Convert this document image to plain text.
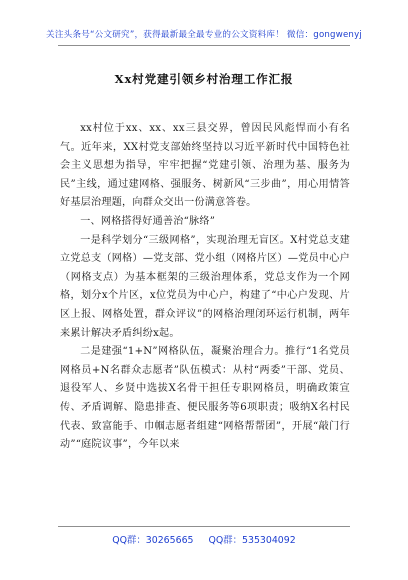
关注头条号“公文研究”，获得最新最全最专业的公文资料库！ 微信：gongwenyj
Xx村党建引领乡村治理工作汇报

xx村位于xx、xx、xx三县交界，曾因民风彪悍而小有名气。近年来，XX村党支部始终坚持以习近平新时代中国特色社会主义思想为指导，牢牢把握“党建引领、治理为基、服务为民”主线，通过建网格、强服务、树新风“三步曲”，用心用情答好基层治理题，向群众交出一份满意答卷。

一、网格搭得好通善治“脉络”

一是科学划分“三级网格”，实现治理无盲区。X村党总支建立党总支（网格）—党支部、党小组（网格片区）—党员中心户（网格支点）为基本框架的三级治理体系，党总支作为一个网格，划分x个片区，x位党员为中心户，构建了“中心户发现、片区上报、网格处置，群众评议”的网格治理闭环运行机制，两年来累计解决矛盾纠纷x起。

二是建强“1+N”网格队伍，凝聚治理合力。推行“1名党员网格员+N名群众志愿者”队伍模式：从村“两委”干部、党员、退役军人、乡贤中选拔X名骨干担任专职网格员，明确政策宣传、矛盾调解、隐患排查、便民服务等6项职责；吸纳X名村民代表、致富能手、巾帼志愿者组建“网格帮帮团”，开展“敲门行动”“庭院议事”，今年以来

QQ群：30265665 QQ群：535304092
